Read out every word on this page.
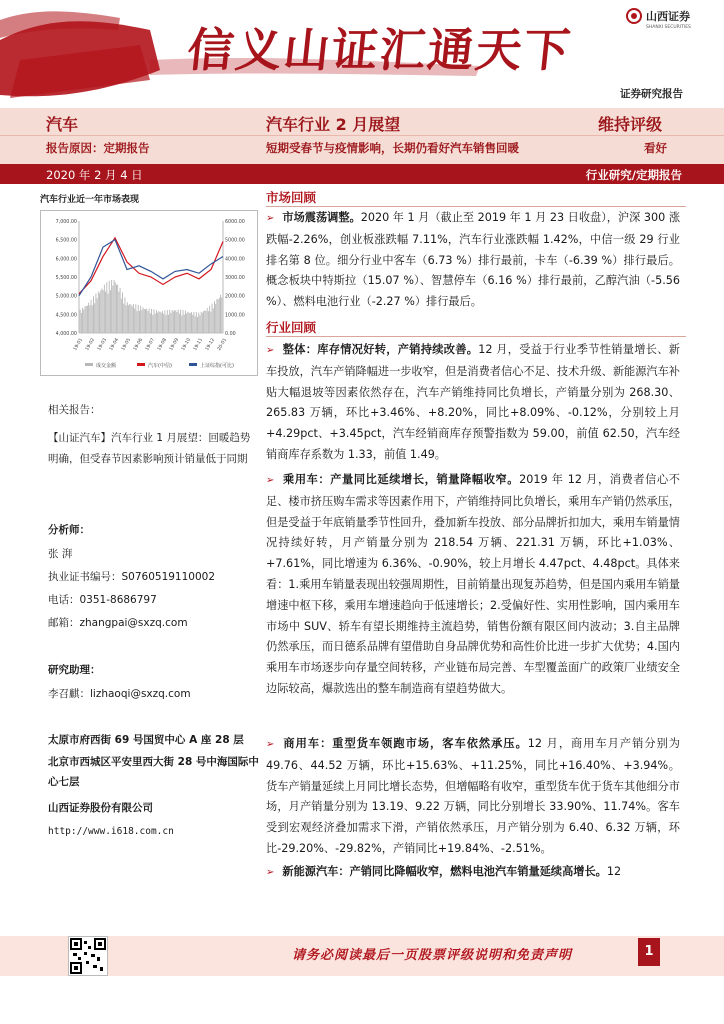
信义山证汇通天下
山西证券
SHANXI SECURITIES
证券研究报告
汽车	汽车行业 2 月展望	维持评级
报告原因：定期报告	短期受春节与疫情影响，长期仍看好汽车销售回暖	看好
2020 年 2 月 4 日	行业研究/定期报告
汽车行业近一年市场表现
7,000.00
6,500.00
6,000.00
5,500.00
5,000.00
4,500.00
4,000.00
6000.00
5000.00
4000.00
3000.00
2000.00
1000.00
0.00
19-01 19-02 19-03 19-04 19-05 19-06 19-07 19-08 19-09 19-10 19-11 19-12 20-01
成交金额	汽车(中信)	上证综指(可比)
相关报告：
【山证汽车】汽车行业 1 月展望：回暖趋势明确，但受春节因素影响预计销量低于同期
分析师：
张 湃
执业证书编号：S0760519110002
电话：0351-8686797
邮箱：zhangpai@sxzq.com
研究助理：
李召麒：lizhaoqi@sxzq.com
太原市府西街 69 号国贸中心 A 座 28 层
北京市西城区平安里西大街 28 号中海国际中心七层
山西证券股份有限公司
http://www.i618.com.cn
市场回顾
➢ 市场震荡调整。2020 年 1 月（截止至 2019 年 1 月 23 日收盘），沪深 300 涨跌幅-2.26%，创业板涨跌幅 7.11%，汽车行业涨跌幅 1.42%，中信一级 29 行业排名第 8 位。细分行业中客车（6.73 %）排行最前，卡车（-6.39 %）排行最后。概念板块中特斯拉（15.07 %）、智慧停车（6.16 %）排行最前，乙醇汽油（-5.56 %）、燃料电池行业（-2.27 %）排行最后。
行业回顾
➢ 整体：库存情况好转，产销持续改善。12 月，受益于行业季节性销量增长、新车投放，汽车产销降幅进一步收窄，但是消费者信心不足、技术升级、新能源汽车补贴大幅退坡等因素依然存在，汽车产销维持同比负增长，产销量分别为 268.30、265.83 万辆，环比+3.46%、+8.20%，同比+8.09%、-0.12%，分别较上月+4.29pct、+3.45pct，汽车经销商库存预警指数为 59.00，前值 62.50，汽车经销商库存系数为 1.33，前值 1.49。
➢ 乘用车：产量同比延续增长，销量降幅收窄。2019 年 12 月，消费者信心不足、楼市挤压购车需求等因素作用下，产销维持同比负增长，乘用车产销仍然承压，但是受益于年底销量季节性回升，叠加新车投放、部分品牌折扣加大，乘用车销量情况持续好转，月产销量分别为 218.54 万辆、221.31 万辆，环比+1.03%、+7.61%，同比增速为 6.36%、-0.90%，较上月增长 4.47pct、4.48pct。具体来看：1.乘用车销量表现出较强周期性，目前销量出现复苏趋势，但是国内乘用车销量增速中枢下移，乘用车增速趋向于低速增长；2.受偏好性、实用性影响，国内乘用车市场中 SUV、轿车有望长期维持主流趋势，销售份额有限区间内波动；3.自主品牌仍然承压，而日德系品牌有望借助自身品牌优势和高性价比进一步扩大优势；4.国内乘用车市场逐步向存量空间转移，产业链布局完善、车型覆盖面广的政策厂业绩安全边际较高，爆款选出的整车制造商有望趋势做大。
➢ 商用车：重型货车领跑市场，客车依然承压。12 月，商用车月产销分别为 49.76、44.52 万辆，环比+15.63%、+11.25%，同比+16.40%、+3.94%。货车产销量延续上月同比增长态势，但增幅略有收窄，重型货车优于货车其他细分市场，月产销量分别为 13.19、9.22 万辆，同比分别增长 33.90%、11.74%。客车受到宏观经济叠加需求下滑，产销依然承压，月产销分别为 6.40、6.32 万辆，环比-29.20%、-29.82%，产销同比+19.84%、-2.51%。
➢ 新能源汽车：产销同比降幅收窄，燃料电池汽车销量延续高增长。12
请务必阅读最后一页股票评级说明和免责声明	1
